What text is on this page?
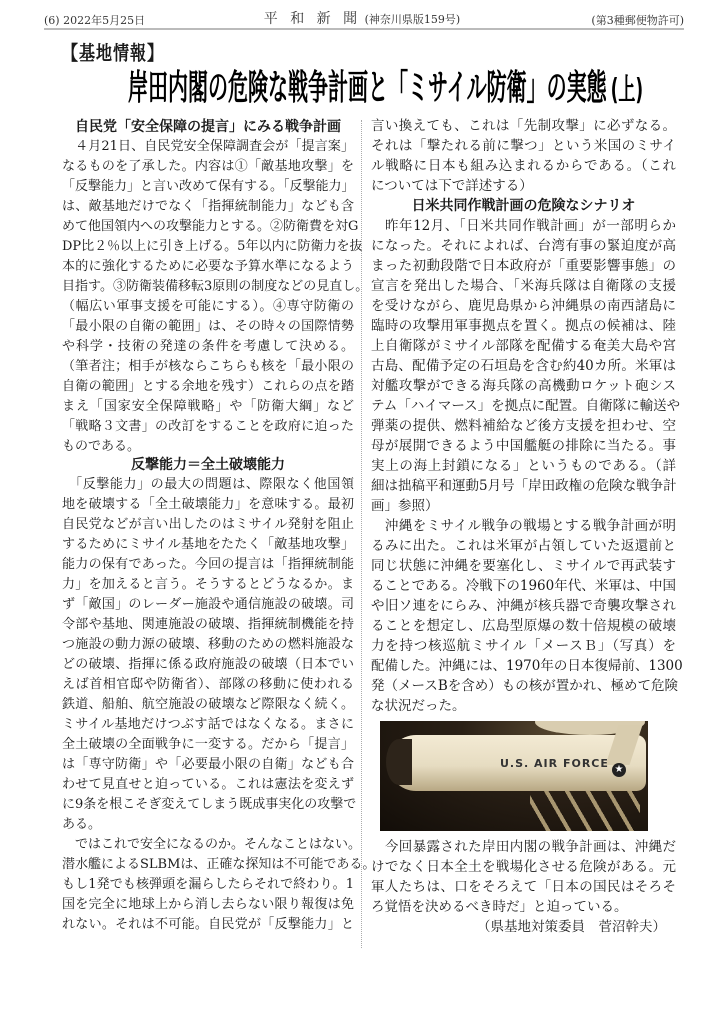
(6) 2022年5月25日	平 和 新 聞 (神奈川県版159号)	(第3種郵便物許可)
【基地情報】
岸田内閣の危険な戦争計画と「ミサイル防衛」の実態 (上)
自民党「安全保障の提言」にみる戦争計画
　４月21日、自民党安全保障調査会が「提言案」
なるものを了承した。内容は①「敵基地攻撃」を
「反撃能力」と言い改めて保有する。「反撃能力」
は、敵基地だけでなく「指揮統制能力」なども含
めて他国領内への攻撃能力とする。②防衛費を対G
DP比２％以上に引き上げる。5年以内に防衛力を抜
本的に強化するために必要な予算水準になるよう
目指す。③防衛装備移転3原則の制度などの見直し。
（幅広い軍事支援を可能にする）。④専守防衛の
「最小限の自衛の範囲」は、その時々の国際情勢
や科学・技術の発達の条件を考慮して決める。
（筆者注；相手が核ならこちらも核を「最小限の
自衛の範囲」とする余地を残す）これらの点を踏
まえ「国家安全保障戦略」や「防衛大綱」など
「戦略３文書」の改訂をすることを政府に迫った
ものである。
反撃能力＝全土破壊能力
　「反撃能力」の最大の問題は、際限なく他国領
地を破壊する「全土破壊能力」を意味する。最初
自民党などが言い出したのはミサイル発射を阻止
するためにミサイル基地をたたく「敵基地攻撃」
能力の保有であった。今回の提言は「指揮統制能
力」を加えると言う。そうするとどうなるか。ま
ず「敵国」のレーダー施設や通信施設の破壊。司
令部や基地、関連施設の破壊、指揮統制機能を持
つ施設の動力源の破壊、移動のための燃料施設な
どの破壊、指揮に係る政府施設の破壊（日本でい
えば首相官邸や防衛省）、部隊の移動に使われる
鉄道、船舶、航空施設の破壊など際限なく続く。
ミサイル基地だけつぶす話ではなくなる。まさに
全土破壊の全面戦争に一変する。だから「提言」
は「専守防衛」や「必要最小限の自衛」なども合
わせて見直せと迫っている。これは憲法を変えず
に9条を根こそぎ変えてしまう既成事実化の攻撃で
ある。
　ではこれで安全になるのか。そんなことはない。
潜水艦によるSLBMは、正確な探知は不可能である。
もし1発でも核弾頭を漏らしたらそれで終わり。1
国を完全に地球上から消し去らない限り報復は免
れない。それは不可能。自民党が「反撃能力」と
言い換えても、これは「先制攻撃」に必ずなる。
それは「撃たれる前に撃つ」という米国のミサイ
ル戦略に日本も組み込まれるからである。（これ
については下で詳述する）
日米共同作戦計画の危険なシナリオ
　昨年12月、「日米共同作戦計画」が一部明らか
になった。それによれば、台湾有事の緊迫度が高
まった初動段階で日本政府が「重要影響事態」の
宣言を発出した場合、「米海兵隊は自衛隊の支援
を受けながら、鹿児島県から沖縄県の南西諸島に
臨時の攻撃用軍事拠点を置く。拠点の候補は、陸
上自衛隊がミサイル部隊を配備する奄美大島や宮
古島、配備予定の石垣島を含む約40カ所。米軍は
対艦攻撃ができる海兵隊の高機動ロケット砲シス
テム「ハイマース」を拠点に配置。自衛隊に輸送や
弾薬の提供、燃料補給など後方支援を担わせ、空
母が展開できるよう中国艦艇の排除に当たる。事
実上の海上封鎖になる」というものである。（詳
細は拙稿平和運動5月号「岸田政権の危険な戦争計
画」参照）
　沖縄をミサイル戦争の戦場とする戦争計画が明
るみに出た。これは米軍が占領していた返還前と
同じ状態に沖縄を要塞化し、ミサイルで再武装す
ることである。冷戦下の1960年代、米軍は、中国
や旧ソ連をにらみ、沖縄が核兵器で奇襲攻撃され
ることを想定し、広島型原爆の数十倍規模の破壊
力を持つ核巡航ミサイル「メースＢ」（写真）を
配備した。沖縄には、1970年の日本復帰前、1300
発（メースBを含め）もの核が置かれ、極めて危険
な状況だった。
U.S. AIR FORCE ★
　今回暴露された岸田内閣の戦争計画は、沖縄だ
けでなく日本全土を戦場化させる危険がある。元
軍人たちは、口をそろえて「日本の国民はそろそ
ろ覚悟を決めるべき時だ」と迫っている。
（県基地対策委員　菅沼幹夫）
